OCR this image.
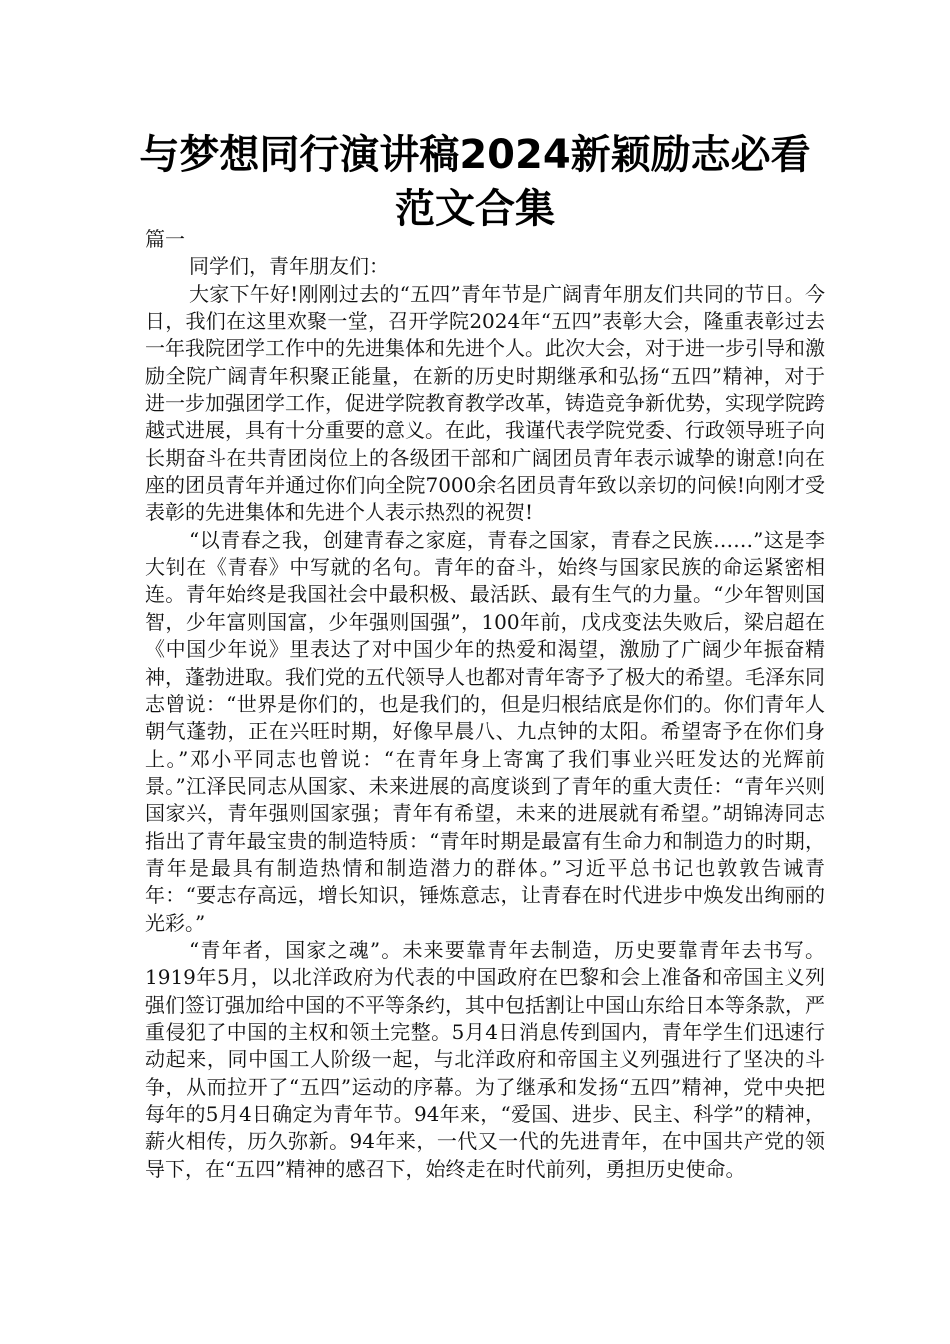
与梦想同行演讲稿2024新颖励志必看
范文合集

篇一

同学们，青年朋友们：

大家下午好!刚刚过去的“五四”青年节是广阔青年朋友们共同的节日。今日，我们在这里欢聚一堂，召开学院2024年“五四”表彰大会，隆重表彰过去一年我院团学工作中的先进集体和先进个人。此次大会，对于进一步引导和激励全院广阔青年积聚正能量，在新的历史时期继承和弘扬“五四”精神，对于进一步加强团学工作，促进学院教育教学改革，铸造竞争新优势，实现学院跨越式进展，具有十分重要的意义。在此，我谨代表学院党委、行政领导班子向长期奋斗在共青团岗位上的各级团干部和广阔团员青年表示诚挚的谢意!向在座的团员青年并通过你们向全院7000余名团员青年致以亲切的问候!向刚才受表彰的先进集体和先进个人表示热烈的祝贺!

“以青春之我，创建青春之家庭，青春之国家，青春之民族……”这是李大钊在《青春》中写就的名句。青年的奋斗，始终与国家民族的命运紧密相连。青年始终是我国社会中最积极、最活跃、最有生气的力量。“少年智则国智，少年富则国富，少年强则国强”，100年前，戊戌变法失败后，梁启超在《中国少年说》里表达了对中国少年的热爱和渴望，激励了广阔少年振奋精神，蓬勃进取。我们党的五代领导人也都对青年寄予了极大的希望。毛泽东同志曾说：“世界是你们的，也是我们的，但是归根结底是你们的。你们青年人朝气蓬勃，正在兴旺时期，好像早晨八、九点钟的太阳。希望寄予在你们身上。”邓小平同志也曾说：“在青年身上寄寓了我们事业兴旺发达的光辉前景。”江泽民同志从国家、未来进展的高度谈到了青年的重大责任：“青年兴则国家兴，青年强则国家强；青年有希望，未来的进展就有希望。”胡锦涛同志指出了青年最宝贵的制造特质：“青年时期是最富有生命力和制造力的时期，青年是最具有制造热情和制造潜力的群体。”习近平总书记也敦敦告诫青年：“要志存高远，增长知识，锤炼意志，让青春在时代进步中焕发出绚丽的光彩。”

“青年者，国家之魂”。未来要靠青年去制造，历史要靠青年去书写。1919年5月，以北洋政府为代表的中国政府在巴黎和会上准备和帝国主义列强们签订强加给中国的不平等条约，其中包括割让中国山东给日本等条款，严重侵犯了中国的主权和领土完整。5月4日消息传到国内，青年学生们迅速行动起来，同中国工人阶级一起，与北洋政府和帝国主义列强进行了坚决的斗争，从而拉开了“五四”运动的序幕。为了继承和发扬“五四”精神，党中央把每年的5月4日确定为青年节。94年来，“爱国、进步、民主、科学”的精神，薪火相传，历久弥新。94年来，一代又一代的先进青年，在中国共产党的领导下，在“五四”精神的感召下，始终走在时代前列，勇担历史使命。
